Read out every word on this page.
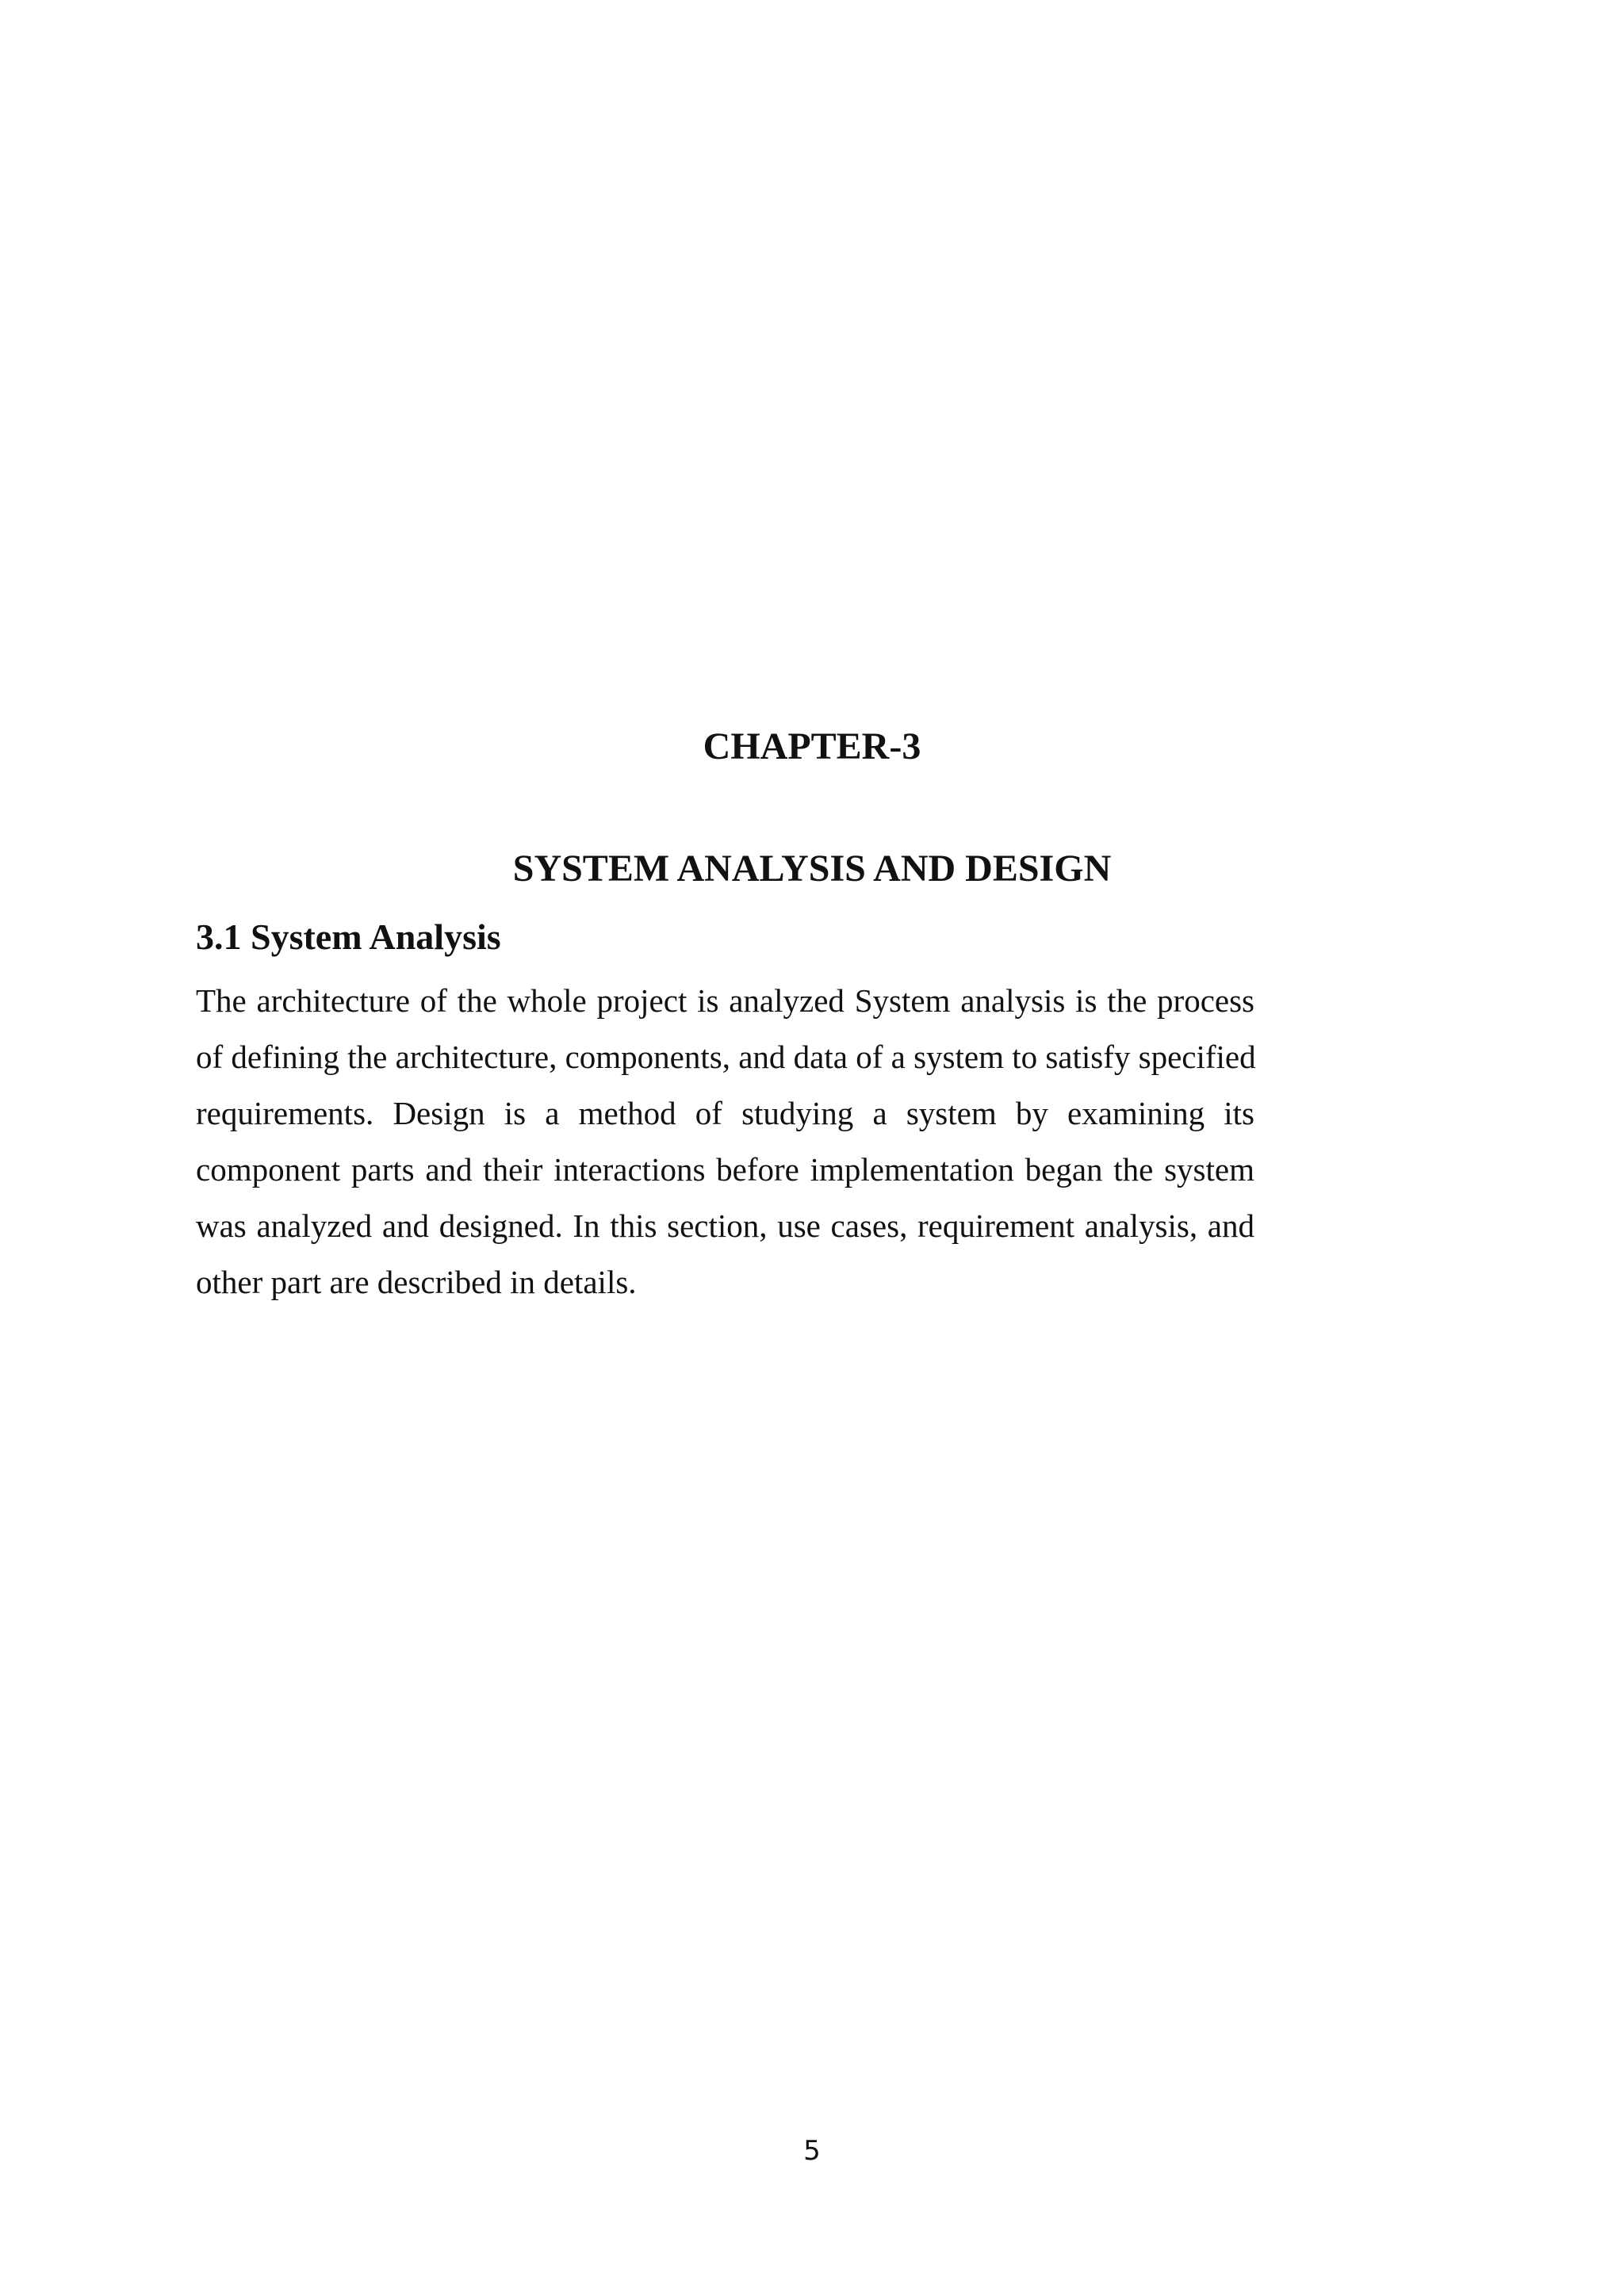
CHAPTER-3
SYSTEM ANALYSIS AND DESIGN
3.1 System Analysis
The architecture of the whole project is analyzed System analysis is the process
of defining the architecture, components, and data of a system to satisfy specified
requirements. Design is a method of studying a system by examining its
component parts and their interactions before implementation began the system
was analyzed and designed. In this section, use cases, requirement analysis, and
other part are described in details.
5
